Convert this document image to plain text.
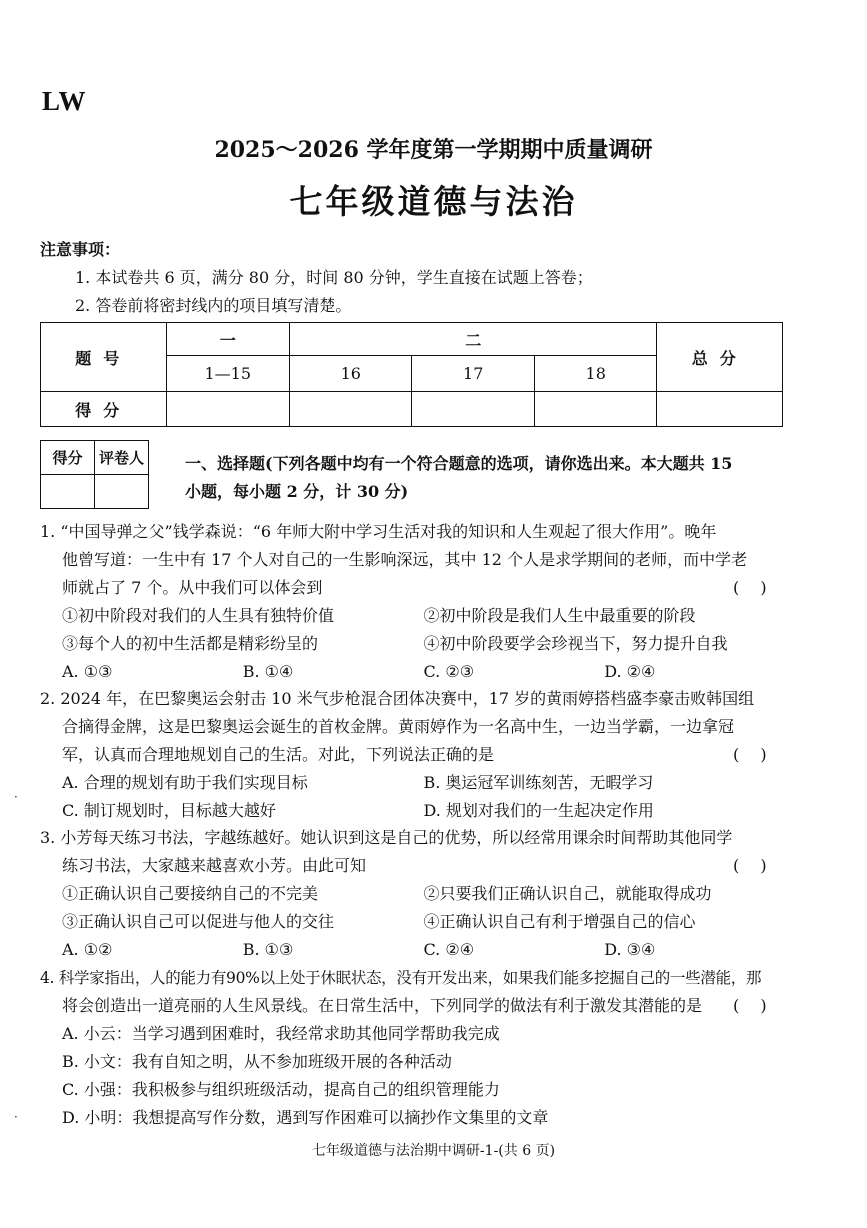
LW
2025～2026 学年度第一学期期中质量调研
七年级道德与法治
注意事项：
1. 本试卷共 6 页，满分 80 分，时间 80 分钟，学生直接在试题上答卷；
2. 答卷前将密封线内的项目填写清楚。
题号	一	二			总分
	1—15	16	17	18	
得分					
得分	评卷人
		一、选择题(下列各题中均有一个符合题意的选项，请你选出来。本大题共 15
小题，每小题 2 分，计 30 分)

1. “中国导弹之父”钱学森说：“6 年师大附中学习生活对我的知识和人生观起了很大作用”。晚年

他曾写道：一生中有 17 个人对自己的一生影响深远，其中 12 个人是求学期间的老师，而中学老

(　 )
师就占了 7 个。从中我们可以体会到

①初中阶段对我们的人生具有独特价值	②初中阶段是我们人生中最重要的阶段

③每个人的初中生活都是精彩纷呈的	④初中阶段要学会珍视当下，努力提升自我

A. ①③	B. ①④	C. ②③	D. ②④

2. 2024 年，在巴黎奥运会射击 10 米气步枪混合团体决赛中，17 岁的黄雨婷搭档盛李豪击败韩国组

合摘得金牌，这是巴黎奥运会诞生的首枚金牌。黄雨婷作为一名高中生，一边当学霸，一边拿冠

(　 )
军，认真而合理地规划自己的生活。对此，下列说法正确的是

A. 合理的规划有助于我们实现目标	B. 奥运冠军训练刻苦，无暇学习

C. 制订规划时，目标越大越好	D. 规划对我们的一生起决定作用

3. 小芳每天练习书法，字越练越好。她认识到这是自己的优势，所以经常用课余时间帮助其他同学

(　 )
练习书法，大家越来越喜欢小芳。由此可知

①正确认识自己要接纳自己的不完美	②只要我们正确认识自己，就能取得成功

③正确认识自己可以促进与他人的交往	④正确认识自己有利于增强自己的信心

A. ①②	B. ①③	C. ②④	D. ③④

4. 科学家指出，人的能力有90%以上处于休眠状态，没有开发出来，如果我们能多挖掘自己的一些潜能，那

(　 )
将会创造出一道亮丽的人生风景线。在日常生活中，下列同学的做法有利于激发其潜能的是

A. 小云：当学习遇到困难时，我经常求助其他同学帮助我完成

B. 小文：我有自知之明，从不参加班级开展的各种活动

C. 小强：我积极参与组织班级活动，提高自己的组织管理能力

D. 小明：我想提高写作分数，遇到写作困难可以摘抄作文集里的文章

七年级道德与法治期中调研-1-(共 6 页)
·
·
